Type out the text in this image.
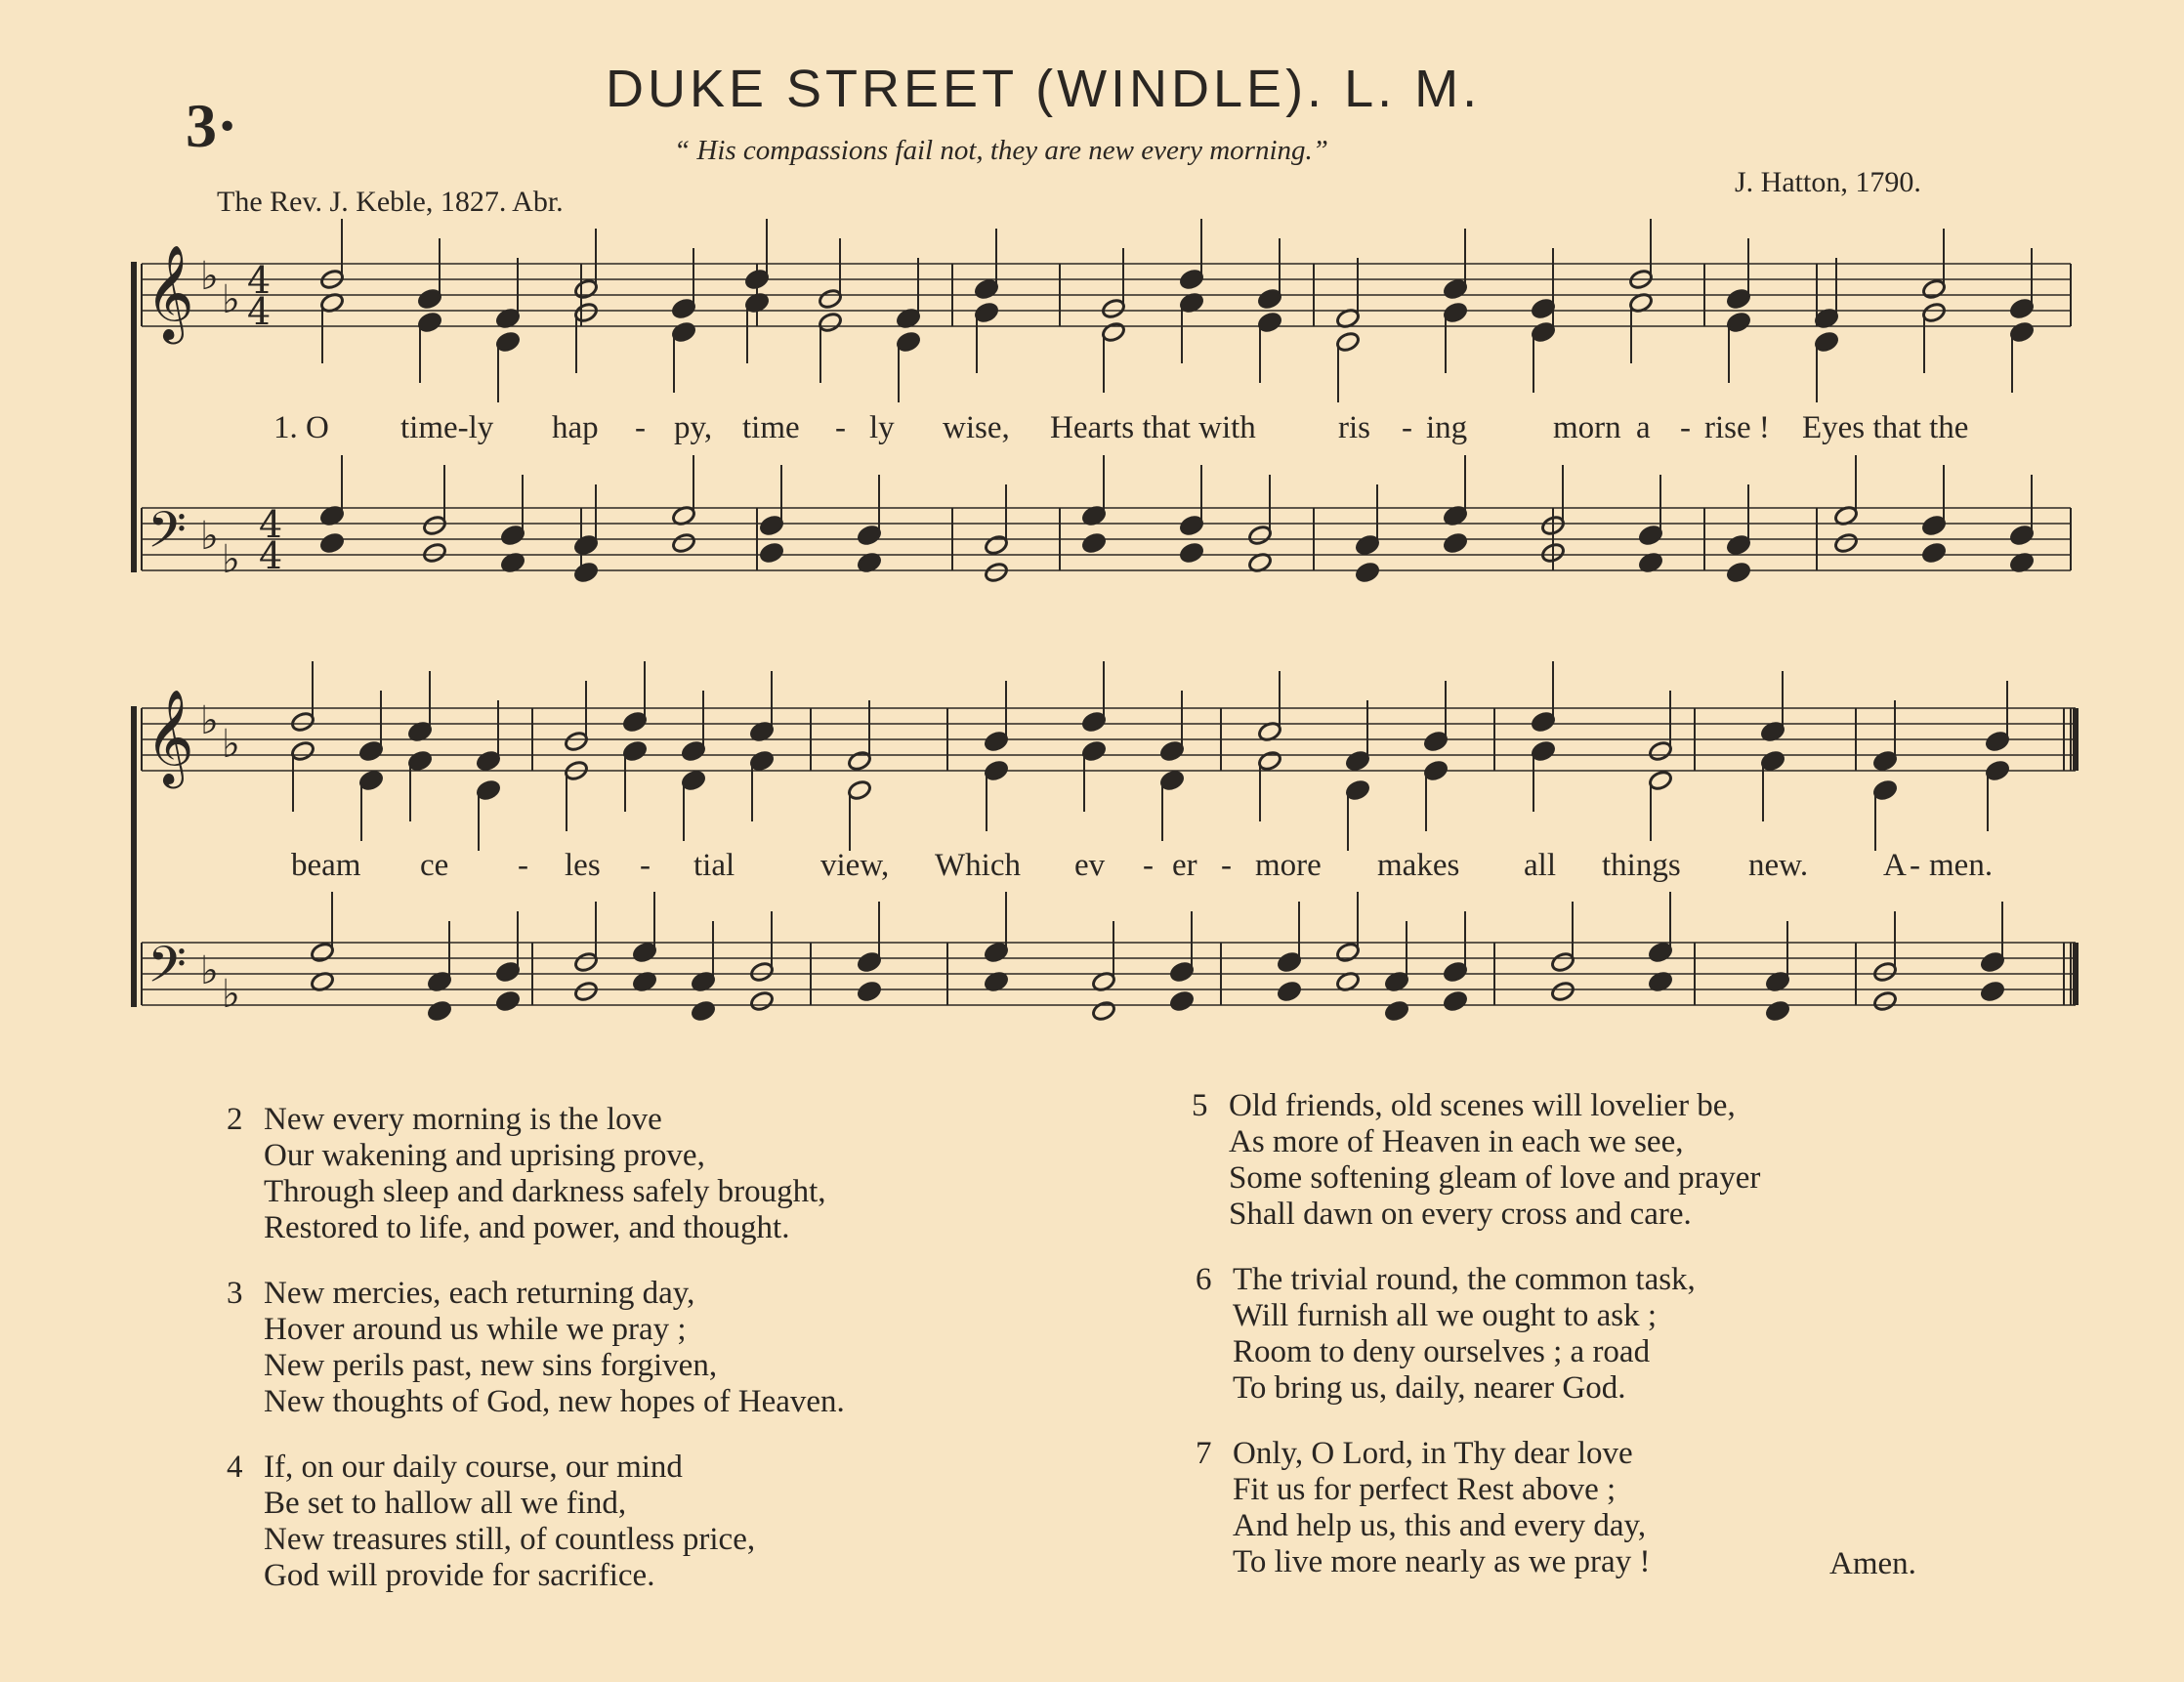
3·
DUKE STREET (WINDLE). L. M.
“ His compassions fail not, they are new every morning.”
The Rev. J. Keble, 1827. Abr.
J. Hatton, 1790.
𝄞
𝄢
♭
♭
♭
♭
4
4
4
4
𝄞
𝄢
♭
♭
♭
♭
1. O time-ly hap - py, time - ly wise, Hearts that with	ris - ing	morn a - rise ! Eyes that the
beam ce - les - tial	view, Which ev - er - more makes all things new. A - men.
2 New every morning is the love
Our wakening and uprising prove,
Through sleep and darkness safely brought,
Restored to life, and power, and thought.
3 New mercies, each returning day,
Hover around us while we pray ;
New perils past, new sins forgiven,
New thoughts of God, new hopes of Heaven.
4 If, on our daily course, our mind
Be set to hallow all we find,
New treasures still, of countless price,
God will provide for sacrifice.
5 Old friends, old scenes will lovelier be,
As more of Heaven in each we see,
Some softening gleam of love and prayer
Shall dawn on every cross and care.
6 The trivial round, the common task,
Will furnish all we ought to ask ;
Room to deny ourselves ; a road
To bring us, daily, nearer God.
7 Only, O Lord, in Thy dear love
Fit us for perfect Rest above ;
And help us, this and every day,
To live more nearly as we pray !	Amen.
